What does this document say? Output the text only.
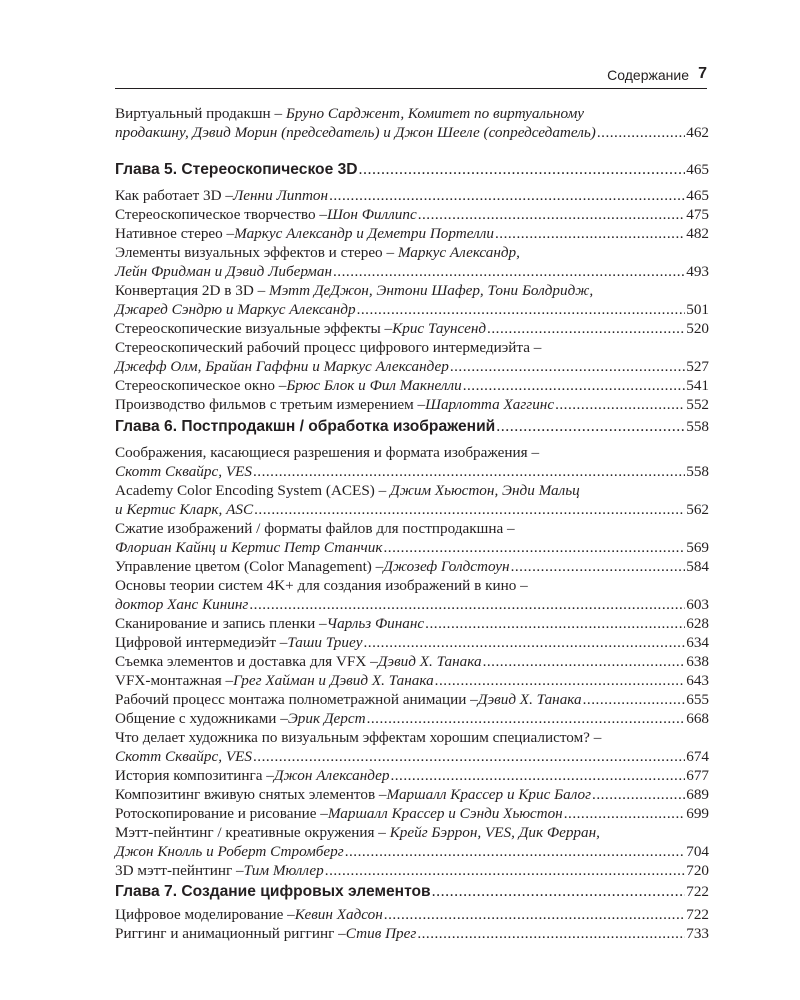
Содержание 7
Виртуальный продакшн – Бруно Сарджент, Комитет по виртуальному
продакшну, Дэвид Морин (председатель) и Джон Шееле (сопредседатель) .....	462
Глава 5. Стереоскопическое 3D .....	465
Как работает 3D – Ленни Липтон .....	465
Стереоскопическое творчество – Шон Филлипс .....	475
Нативное стерео – Маркус Александр и Деметри Портелли .....	482
Элементы визуальных эффектов и стерео – Маркус Александр,
Лейн Фридман и Дэвид Либерман .....	493
Конвертация 2D в 3D – Мэтт ДеДжон, Энтони Шафер, Тони Болдридж,
Джаред Сэндрю и Маркус Александр .....	501
Стереоскопические визуальные эффекты – Крис Таунсенд .....	520
Стереоскопический рабочий процесс цифрового интермедиэйта –
Джефф Олм, Брайан Гаффни и Маркус Александер .....	527
Стереоскопическое окно – Брюс Блок и Фил Макнелли .....	541
Производство фильмов с третьим измерением – Шарлотта Хаггинс .....	552
Глава 6. Постпродакшн / обработка изображений .....	558
Соображения, касающиеся разрешения и формата изображения –
Скотт Сквайрс, VES .....	558
Academy Color Encoding System (ACES) – Джим Хьюстон, Энди Мальц
и Кертис Кларк, ASC .....	562
Сжатие изображений / форматы файлов для постпродакшна –
Флориан Кайнц и Кертис Петр Станчик .....	569
Управление цветом (Color Management) – Джозеф Голдстоун .....	584
Основы теории систем 4K+ для создания изображений в кино –
доктор Ханс Кининг .....	603
Сканирование и запись пленки – Чарльз Финанс .....	628
Цифровой интермедиэйт – Таши Триеу .....	634
Съемка элементов и доставка для VFX – Дэвид Х. Танака .....	638
VFX-монтажная – Грег Хайман и Дэвид Х. Танака .....	643
Рабочий процесс монтажа полнометражной анимации – Дэвид Х. Танака .....	655
Общение с художниками – Эрик Дерст .....	668
Что делает художника по визуальным эффектам хорошим специалистом? –
Скотт Сквайрс, VES .....	674
История композитинга – Джон Александер .....	677
Композитинг вживую снятых элементов – Маршалл Крассер и Крис Балог .....	689
Ротоскопирование и рисование – Маршалл Крассер и Сэнди Хьюстон .....	699
Мэтт-пейнтинг / креативные окружения – Крейг Бэррон, VES, Дик Ферран,
Джон Кнолль и Роберт Стромберг .....	704
3D мэтт-пейнтинг – Тим Мюллер .....	720
Глава 7. Создание цифровых элементов .....	722
Цифровое моделирование – Кевин Хадсон .....	722
Риггинг и анимационный риггинг – Стив Прег .....	733
